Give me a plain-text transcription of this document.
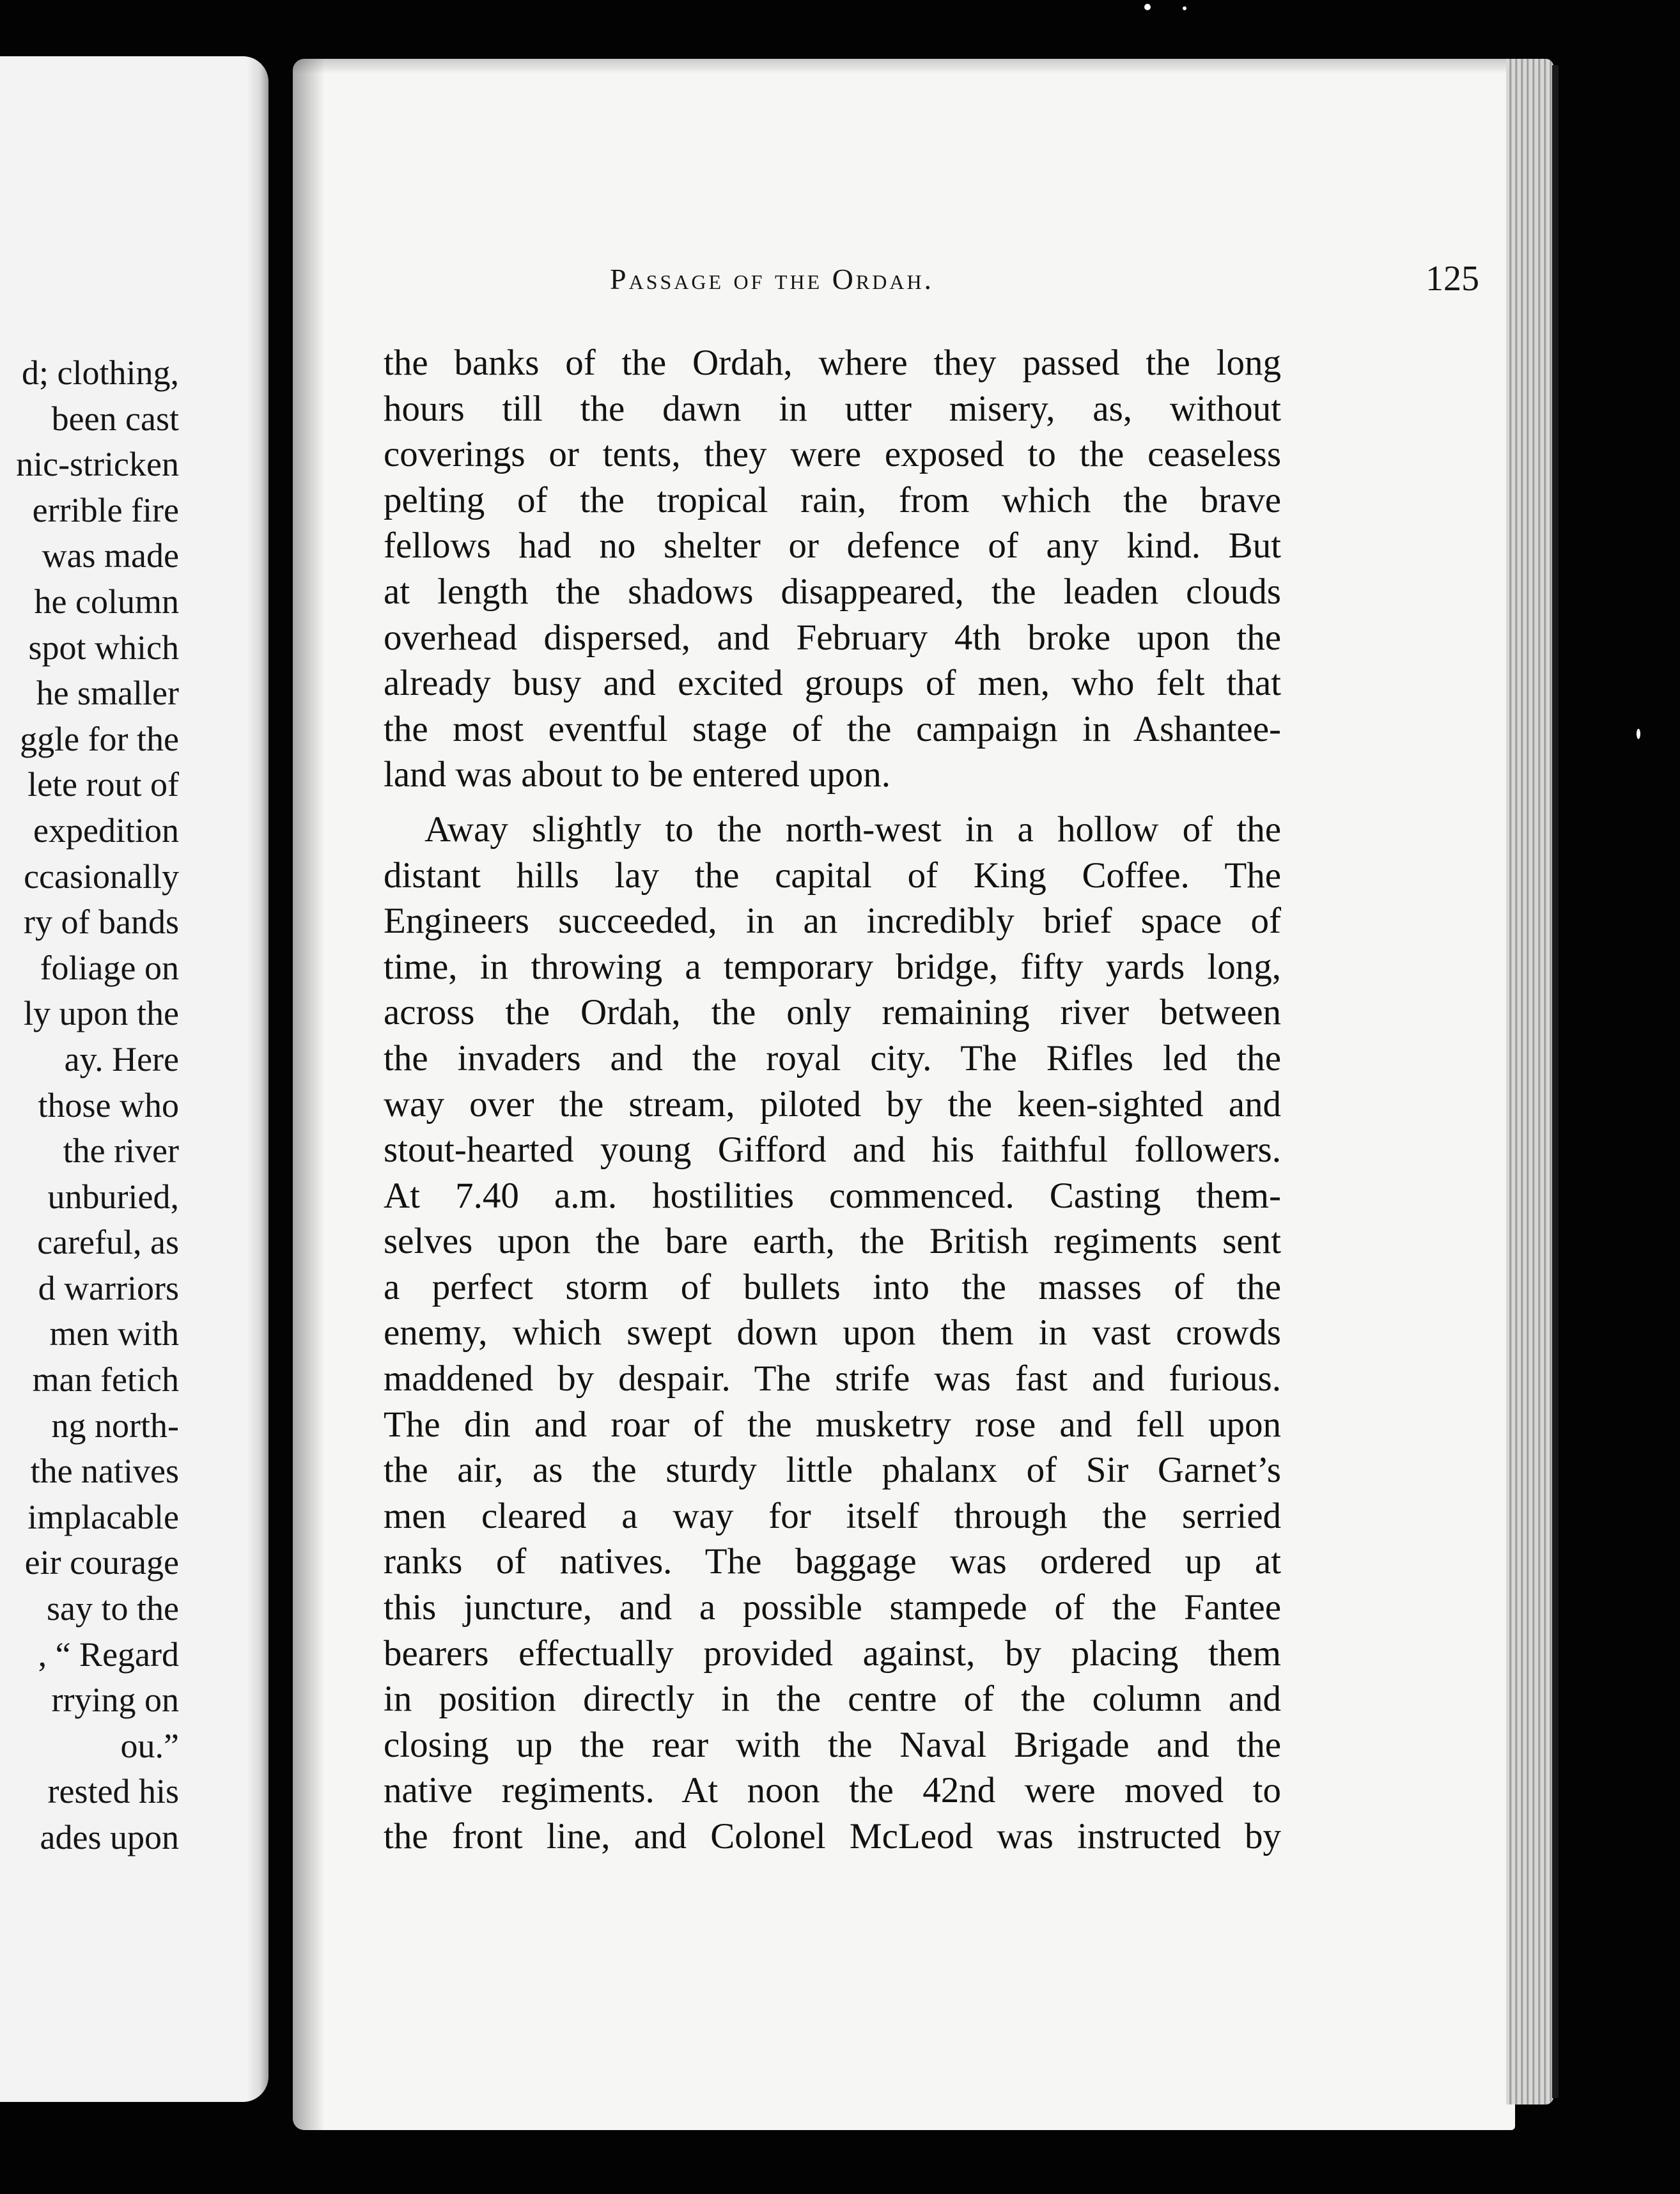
d; clothing,
been cast
nic-stricken
errible fire
was made
he column
spot which
he smaller
ggle for the
lete rout of
expedition
ccasionally
ry of bands
foliage on
ly upon the
ay. Here
those who
the river
unburied,
careful, as
d warriors
men with
man fetich
ng north-
the natives
implacable
eir courage
say to the
, “ Regard
rrying on
ou.”
rested his
ades upon
Passage of the Ordah.	125
the banks of the Ordah, where they passed the long
hours till the dawn in utter misery, as, without
coverings or tents, they were exposed to the ceaseless
pelting of the tropical rain, from which the brave
fellows had no shelter or defence of any kind. But
at length the shadows disappeared, the leaden clouds
overhead dispersed, and February 4th broke upon the
already busy and excited groups of men, who felt that
the most eventful stage of the campaign in Ashantee-
land was about to be entered upon.
Away slightly to the north-west in a hollow of the
distant hills lay the capital of King Coffee. The
Engineers succeeded, in an incredibly brief space of
time, in throwing a temporary bridge, fifty yards long,
across the Ordah, the only remaining river between
the invaders and the royal city. The Rifles led the
way over the stream, piloted by the keen-sighted and
stout-hearted young Gifford and his faithful followers.
At 7.40 a.m. hostilities commenced. Casting them-
selves upon the bare earth, the British regiments sent
a perfect storm of bullets into the masses of the
enemy, which swept down upon them in vast crowds
maddened by despair. The strife was fast and furious.
The din and roar of the musketry rose and fell upon
the air, as the sturdy little phalanx of Sir Garnet’s
men cleared a way for itself through the serried
ranks of natives. The baggage was ordered up at
this juncture, and a possible stampede of the Fantee
bearers effectually provided against, by placing them
in position directly in the centre of the column and
closing up the rear with the Naval Brigade and the
native regiments. At noon the 42nd were moved to
the front line, and Colonel McLeod was instructed by
